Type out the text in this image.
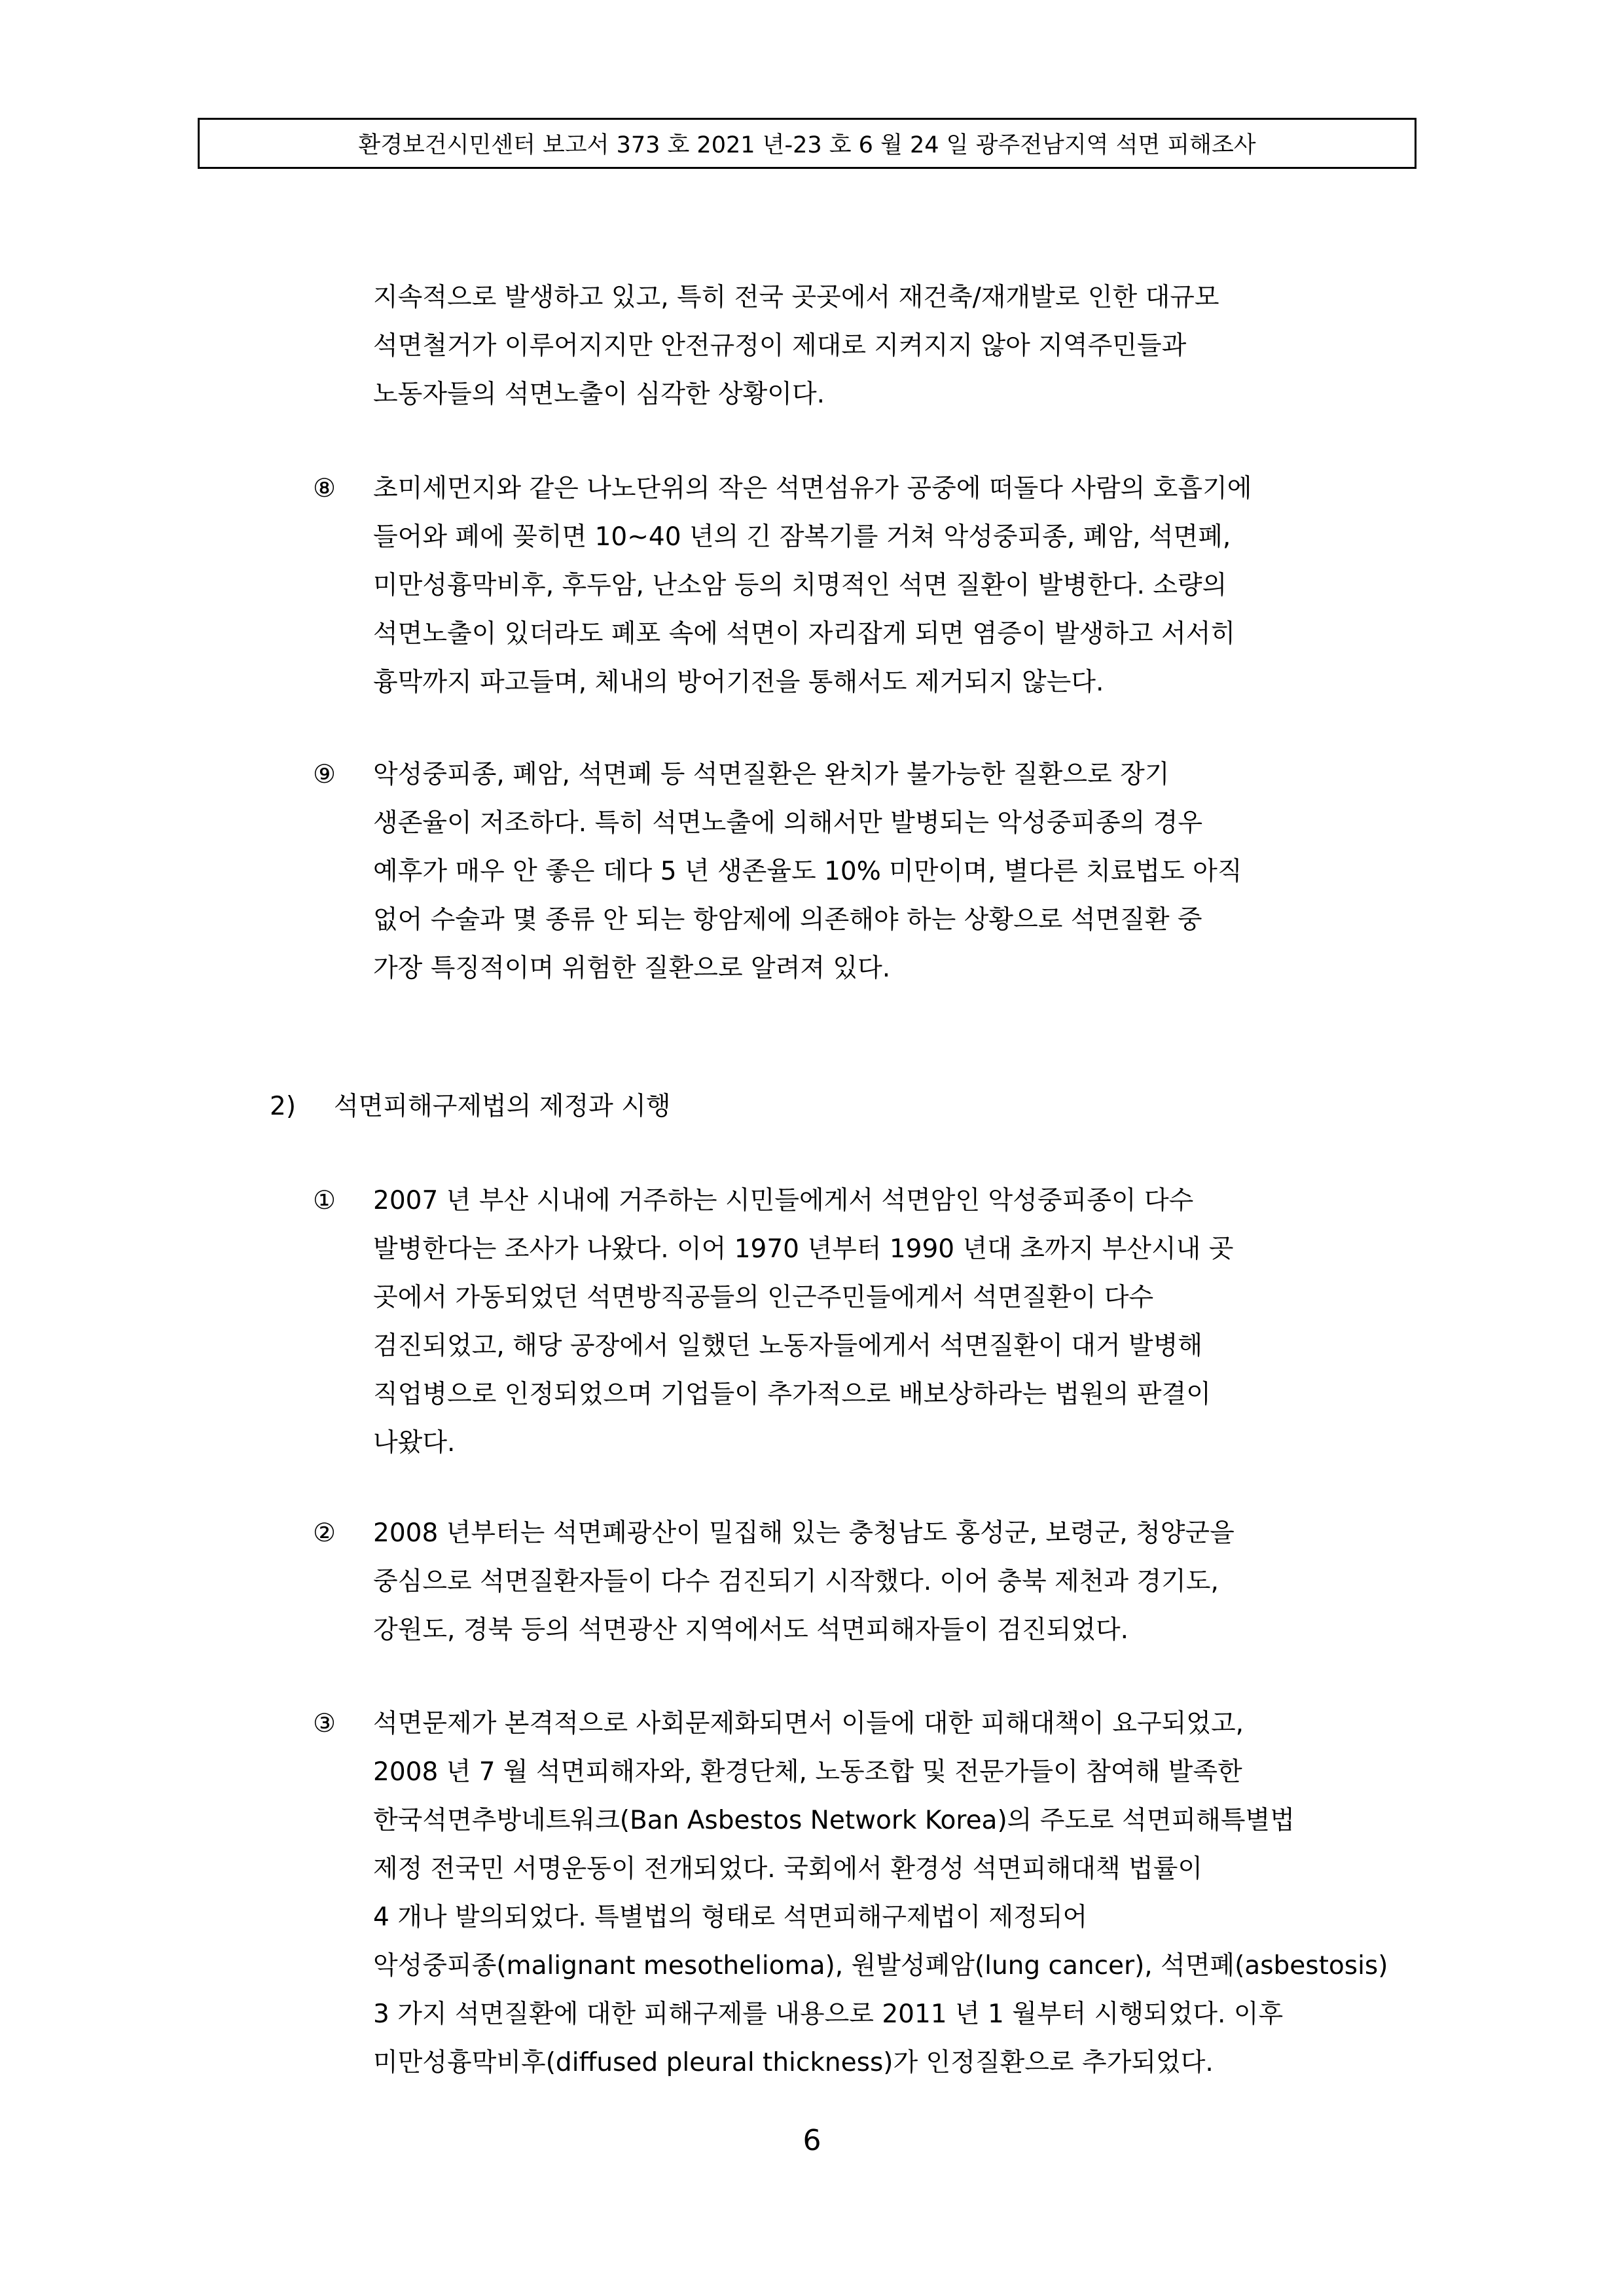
환경보건시민센터 보고서 373 호 2021 년-23 호 6 월 24 일 광주전남지역 석면 피해조사
지속적으로 발생하고 있고, 특히 전국 곳곳에서 재건축/재개발로 인한 대규모
석면철거가 이루어지지만 안전규정이 제대로 지켜지지 않아 지역주민들과
노동자들의 석면노출이 심각한 상황이다.
⑧ 초미세먼지와 같은 나노단위의 작은 석면섬유가 공중에 떠돌다 사람의 호흡기에
들어와 폐에 꽂히면 10~40 년의 긴 잠복기를 거쳐 악성중피종, 폐암, 석면폐,
미만성흉막비후, 후두암, 난소암 등의 치명적인 석면 질환이 발병한다. 소량의
석면노출이 있더라도 폐포 속에 석면이 자리잡게 되면 염증이 발생하고 서서히
흉막까지 파고들며, 체내의 방어기전을 통해서도 제거되지 않는다.
⑨ 악성중피종, 폐암, 석면폐 등 석면질환은 완치가 불가능한 질환으로 장기
생존율이 저조하다. 특히 석면노출에 의해서만 발병되는 악성중피종의 경우
예후가 매우 안 좋은 데다 5 년 생존율도 10% 미만이며, 별다른 치료법도 아직
없어 수술과 몇 종류 안 되는 항암제에 의존해야 하는 상황으로 석면질환 중
가장 특징적이며 위험한 질환으로 알려져 있다.
2) 석면피해구제법의 제정과 시행
① 2007 년 부산 시내에 거주하는 시민들에게서 석면암인 악성중피종이 다수
발병한다는 조사가 나왔다. 이어 1970 년부터 1990 년대 초까지 부산시내 곳
곳에서 가동되었던 석면방직공들의 인근주민들에게서 석면질환이 다수
검진되었고, 해당 공장에서 일했던 노동자들에게서 석면질환이 대거 발병해
직업병으로 인정되었으며 기업들이 추가적으로 배보상하라는 법원의 판결이
나왔다.
② 2008 년부터는 석면폐광산이 밀집해 있는 충청남도 홍성군, 보령군, 청양군을
중심으로 석면질환자들이 다수 검진되기 시작했다. 이어 충북 제천과 경기도,
강원도, 경북 등의 석면광산 지역에서도 석면피해자들이 검진되었다.
③ 석면문제가 본격적으로 사회문제화되면서 이들에 대한 피해대책이 요구되었고,
2008 년 7 월 석면피해자와, 환경단체, 노동조합 및 전문가들이 참여해 발족한
한국석면추방네트워크(Ban Asbestos Network Korea)의 주도로 석면피해특별법
제정 전국민 서명운동이 전개되었다. 국회에서 환경성 석면피해대책 법률이
4 개나 발의되었다. 특별법의 형태로 석면피해구제법이 제정되어
악성중피종(malignant mesothelioma), 원발성폐암(lung cancer), 석면폐(asbestosis)
3 가지 석면질환에 대한 피해구제를 내용으로 2011 년 1 월부터 시행되었다. 이후
미만성흉막비후(diffused pleural thickness)가 인정질환으로 추가되었다.
6
